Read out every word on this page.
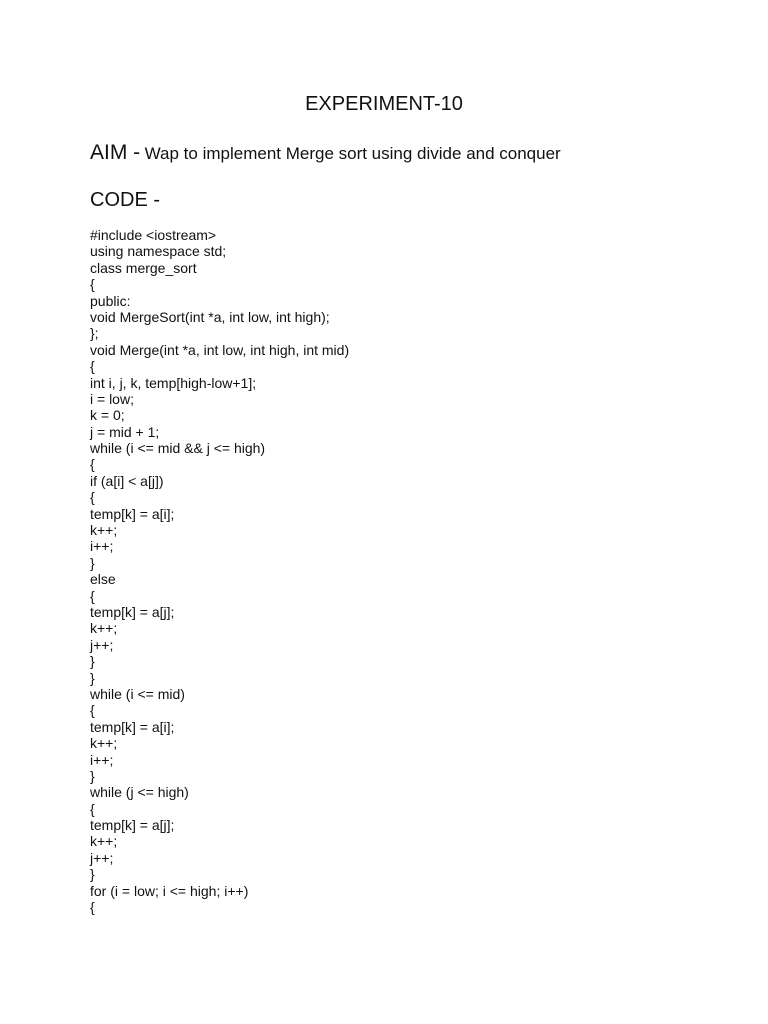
EXPERIMENT-10
AIM - Wap to implement Merge sort using divide and conquer
CODE -
#include <iostream>
using namespace std;
class merge_sort
{
public:
void MergeSort(int *a, int low, int high);
};
void Merge(int *a, int low, int high, int mid)
{
int i, j, k, temp[high-low+1];
i = low;
k = 0;
j = mid + 1;
while (i <= mid && j <= high)
{
if (a[i] < a[j])
{
temp[k] = a[i];
k++;
i++;
}
else
{
temp[k] = a[j];
k++;
j++;
}
}
while (i <= mid)
{
temp[k] = a[i];
k++;
i++;
}
while (j <= high)
{
temp[k] = a[j];
k++;
j++;
}
for (i = low; i <= high; i++)
{
